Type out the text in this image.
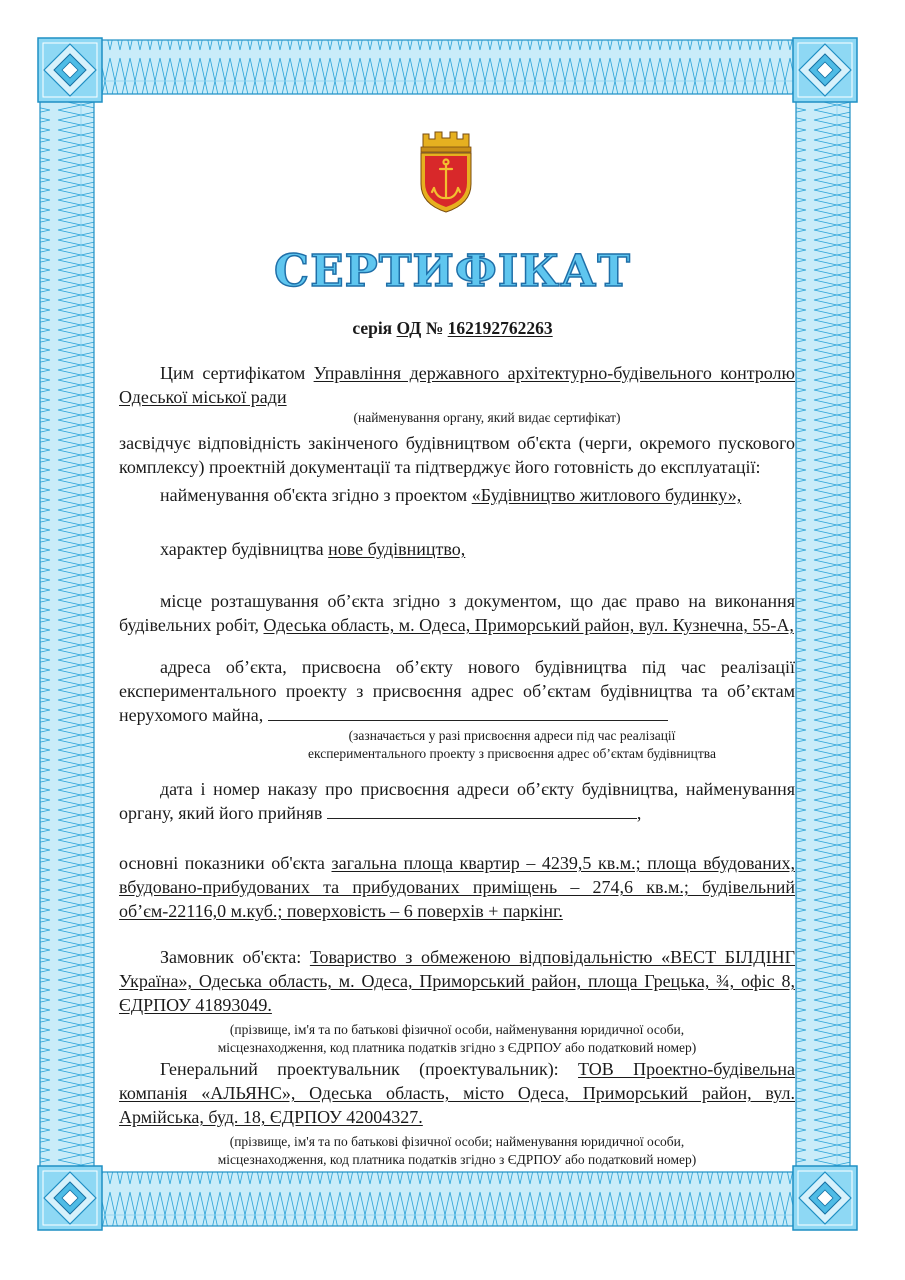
СЕРТИФІКАТ
серія ОД № 162192762263

Цим сертифікатом Управління державного архітектурно-будівельного контролю Одеської міської ради

(найменування органу, який видає сертифікат)

засвідчує відповідність закінченого будівництвом об'єкта (черги, окремого пускового комплексу) проектній документації та підтверджує його готовність до експлуатації:

найменування об'єкта згідно з проектом «Будівництво житлового будинку»,

характер будівництва нове будівництво,

місце розташування об’єкта згідно з документом, що дає право на виконання будівельних робіт, Одеська область, м. Одеса, Приморський район, вул. Кузнечна, 55-А,

адреса об’єкта, присвоєна об’єкту нового будівництва під час реалізації експериментального проекту з присвоєння адрес об’єктам будівництва та об’єктам нерухомого майна,

(зазначається у разі присвоєння адреси під час реалізації

експериментального проекту з присвоєння адрес об’єктам будівництва

дата і номер наказу про присвоєння адреси об’єкту будівництва, найменування органу, який його прийняв	,

основні показники об'єкта загальна площа квартир – 4239,5 кв.м.; площа вбудованих, вбудовано-прибудованих та прибудованих приміщень – 274,6 кв.м.; будівельний об’єм-22116,0 м.куб.; поверховість – 6 поверхів + паркінг.

Замовник об'єкта: Товариство з обмеженою відповідальністю «ВЕСТ БІЛДІНГ Україна», Одеська область, м. Одеса, Приморський район, площа Грецька, ¾, офіс 8, ЄДРПОУ 41893049.

(прізвище, ім'я та по батькові фізичної особи, найменування юридичної особи,

місцезнаходження, код платника податків згідно з ЄДРПОУ або податковий номер)

Генеральний проектувальник (проектувальник): ТОВ Проектно-будівельна компанія «АЛЬЯНС», Одеська область, місто Одеса, Приморський район, вул. Армійська, буд. 18, ЄДРПОУ 42004327.

(прізвище, ім'я та по батькові фізичної особи; найменування юридичної особи,

місцезнаходження, код платника податків згідно з ЄДРПОУ або податковий номер)
